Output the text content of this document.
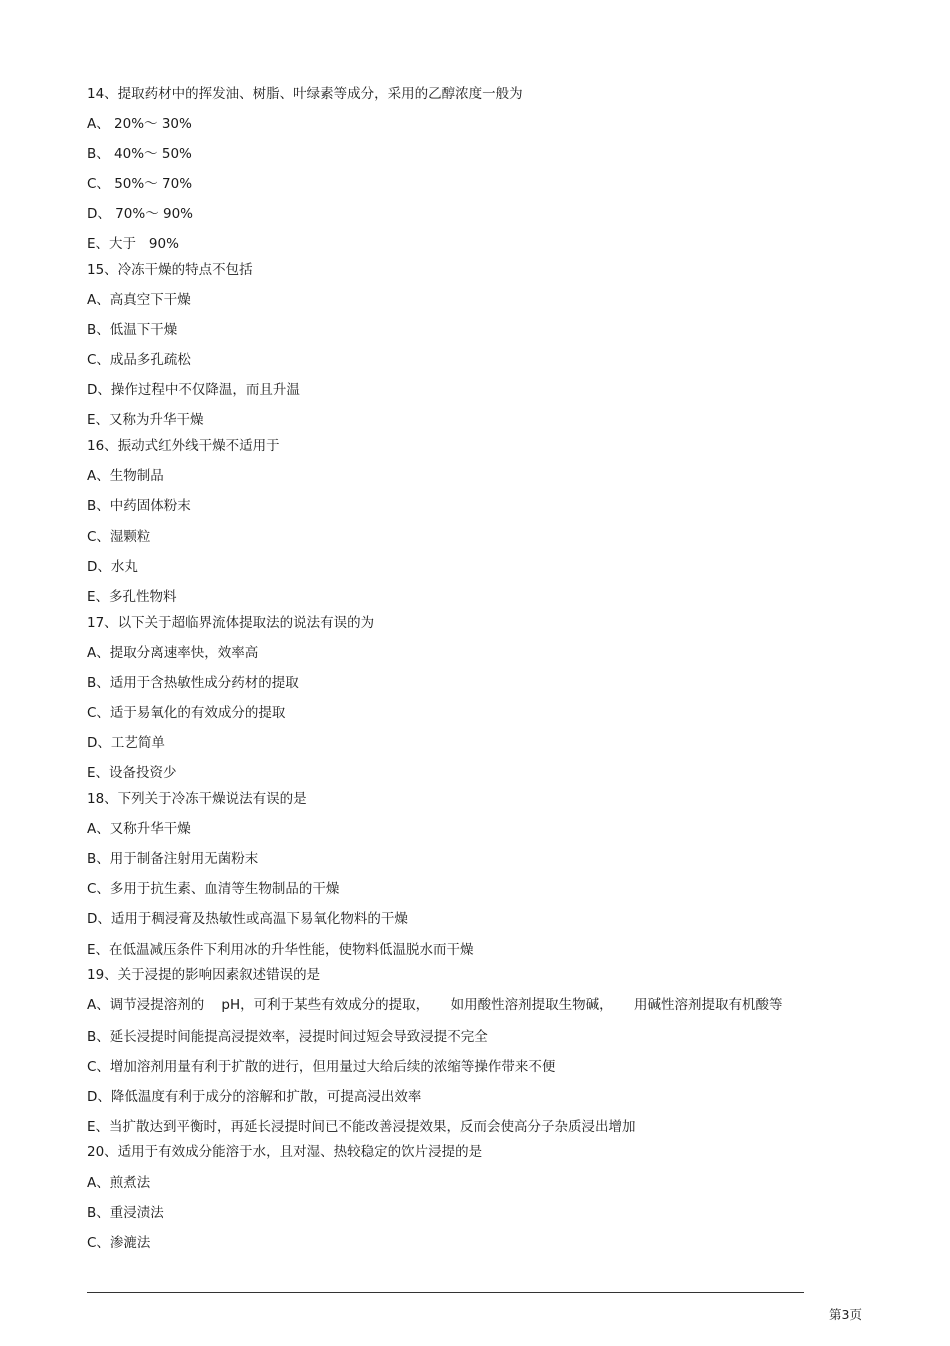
14、提取药材中的挥发油、树脂、叶绿素等成分，采用的乙醇浓度一般为

A、 20%～ 30%

B、 40%～ 50%

C、 50%～ 70%

D、 70%～ 90%

E、大于   90%

15、冷冻干燥的特点不包括

A、高真空下干燥

B、低温下干燥

C、成品多孔疏松

D、操作过程中不仅降温，而且升温

E、又称为升华干燥

16、振动式红外线干燥不适用于

A、生物制品

B、中药固体粉末

C、湿颗粒

D、水丸

E、多孔性物料

17、以下关于超临界流体提取法的说法有误的为

A、提取分离速率快，效率高

B、适用于含热敏性成分药材的提取

C、适于易氧化的有效成分的提取

D、工艺简单

E、设备投资少

18、下列关于冷冻干燥说法有误的是

A、又称升华干燥

B、用于制备注射用无菌粉末

C、多用于抗生素、血清等生物制品的干燥

D、适用于稠浸膏及热敏性或高温下易氧化物料的干燥

E、在低温减压条件下利用冰的升华性能，使物料低温脱水而干燥

19、关于浸提的影响因素叙述错误的是

A、调节浸提溶剂的    pH，可利于某些有效成分的提取，     如用酸性溶剂提取生物碱，     用碱性溶剂提取有机酸等

B、延长浸提时间能提高浸提效率，浸提时间过短会导致浸提不完全

C、增加溶剂用量有利于扩散的进行，但用量过大给后续的浓缩等操作带来不便

D、降低温度有利于成分的溶解和扩散，可提高浸出效率

E、当扩散达到平衡时，再延长浸提时间已不能改善浸提效果，反而会使高分子杂质浸出增加

20、适用于有效成分能溶于水，且对湿、热较稳定的饮片浸提的是

A、煎煮法

B、重浸渍法

C、渗漉法

第3页
